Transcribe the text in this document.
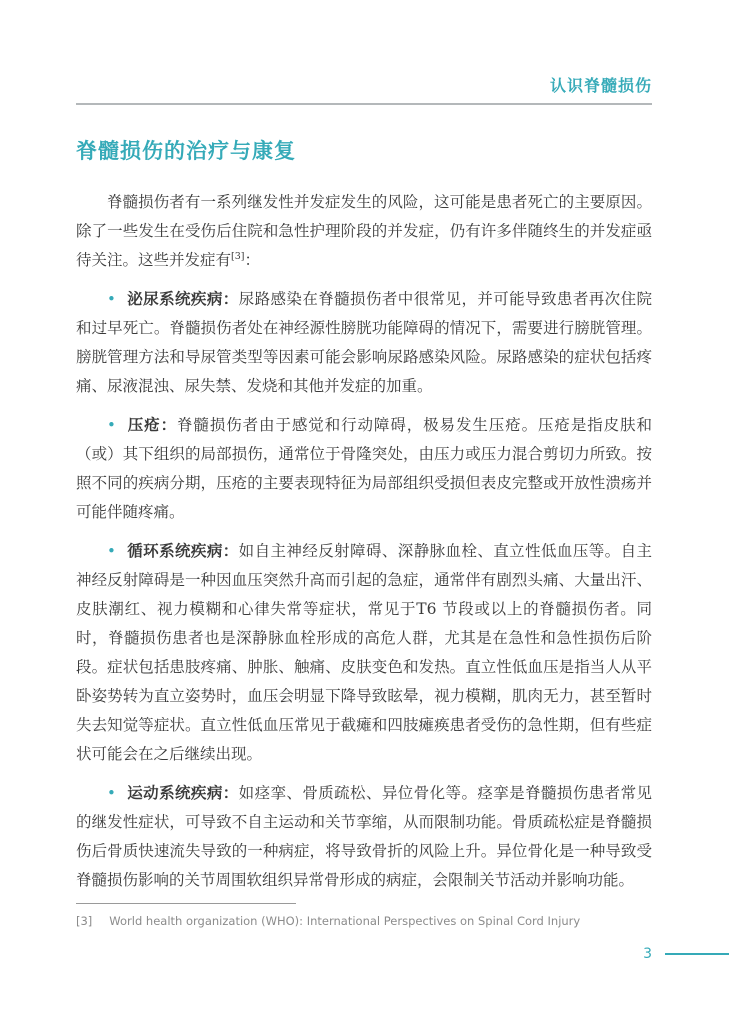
认识脊髓损伤
脊髓损伤的治疗与康复

脊髓损伤者有一系列继发性并发症发生的风险，这可能是患者死亡的主要原因。除了一些发生在受伤后住院和急性护理阶段的并发症，仍有许多伴随终生的并发症亟待关注。这些并发症有[3]：

• 泌尿系统疾病：尿路感染在脊髓损伤者中很常见，并可能导致患者再次住院和过早死亡。脊髓损伤者处在神经源性膀胱功能障碍的情况下，需要进行膀胱管理。膀胱管理方法和导尿管类型等因素可能会影响尿路感染风险。尿路感染的症状包括疼痛、尿液混浊、尿失禁、发烧和其他并发症的加重。

• 压疮：脊髓损伤者由于感觉和行动障碍，极易发生压疮。压疮是指皮肤和（或）其下组织的局部损伤，通常位于骨隆突处，由压力或压力混合剪切力所致。按照不同的疾病分期，压疮的主要表现特征为局部组织受损但表皮完整或开放性溃疡并可能伴随疼痛。

• 循环系统疾病：如自主神经反射障碍、深静脉血栓、直立性低血压等。自主神经反射障碍是一种因血压突然升高而引起的急症，通常伴有剧烈头痛、大量出汗、皮肤潮红、视力模糊和心律失常等症状，常见于T6 节段或以上的脊髓损伤者。同时，脊髓损伤患者也是深静脉血栓形成的高危人群，尤其是在急性和急性损伤后阶段。症状包括患肢疼痛、肿胀、触痛、皮肤变色和发热。直立性低血压是指当人从平卧姿势转为直立姿势时，血压会明显下降导致眩晕，视力模糊，肌肉无力，甚至暂时失去知觉等症状。直立性低血压常见于截瘫和四肢瘫痪患者受伤的急性期，但有些症状可能会在之后继续出现。

• 运动系统疾病：如痉挛、骨质疏松、异位骨化等。痉挛是脊髓损伤患者常见的继发性症状，可导致不自主运动和关节挛缩，从而限制功能。骨质疏松症是脊髓损伤后骨质快速流失导致的一种病症，将导致骨折的风险上升。异位骨化是一种导致受脊髓损伤影响的关节周围软组织异常骨形成的病症，会限制关节活动并影响功能。

[3] World health organization (WHO): International Perspectives on Spinal Cord Injury
3
